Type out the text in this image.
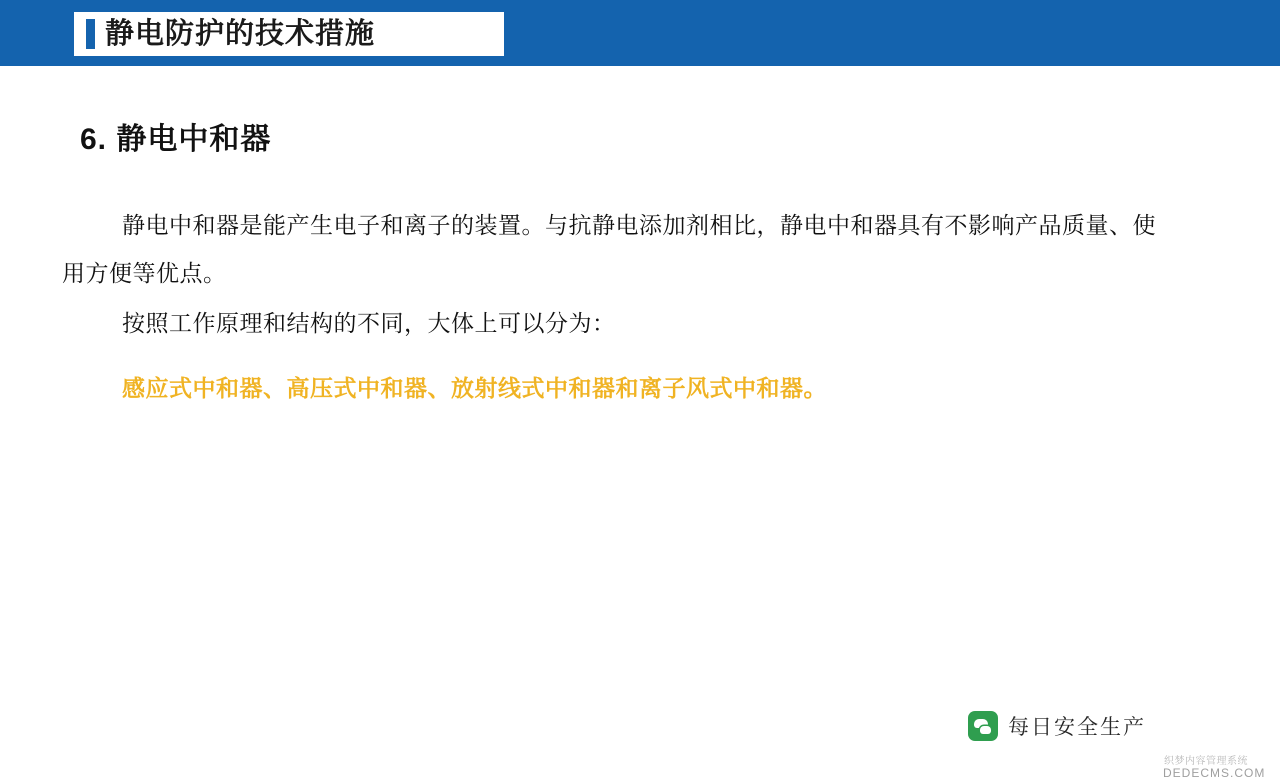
静电防护的技术措施
6. 静电中和器
静电中和器是能产生电子和离子的装置。与抗静电添加剂相比，静电中和器具有不影响产品质量、使用方便等优点。
按照工作原理和结构的不同，大体上可以分为：
感应式中和器、高压式中和器、放射线式中和器和离子风式中和器。
每日安全生产
织梦内容管理系统
DEDECMS.COM
